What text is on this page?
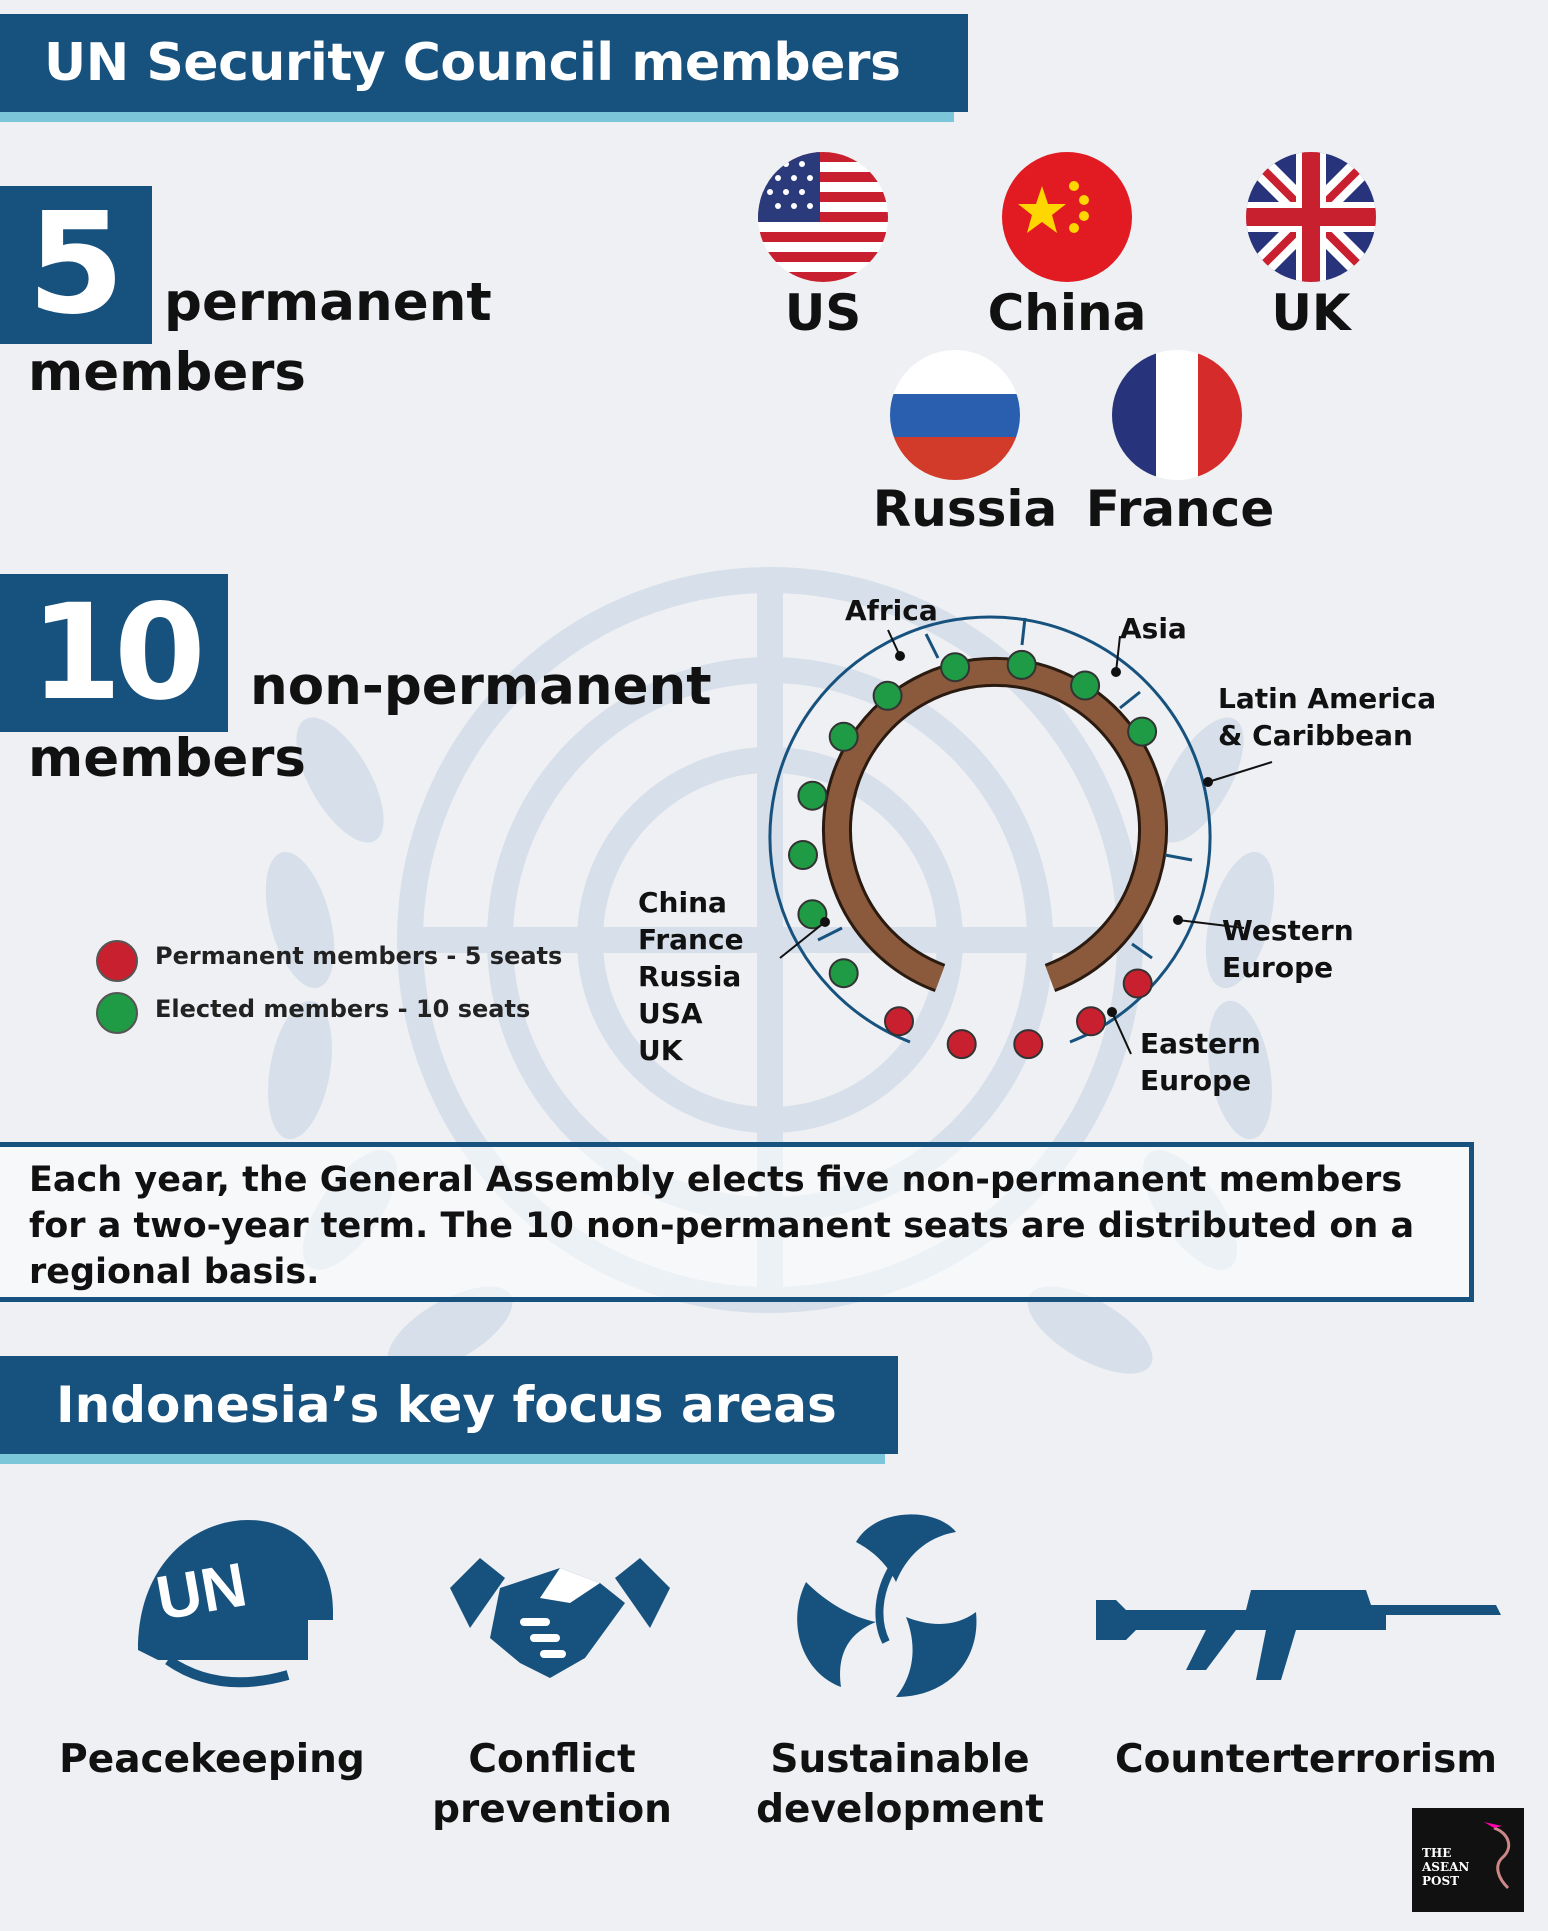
UN Security Council members
5 permanent
members
US	China	UK
Russia France
10 non-permanent
members
Permanent members - 5 seats
Elected members - 10 seats
Africa
Asia
Latin America
& Caribbean
Western
Europe
Eastern
Europe
China
France
Russia
USA
UK
Each year, the General Assembly elects five non-permanent members for a two-year term. The 10 non-permanent seats are distributed on a regional basis.
Indonesia’s key focus areas
UN
Peacekeeping	Conflict
prevention
Sustainable
development
Counterterrorism
THE
ASEAN
POST
